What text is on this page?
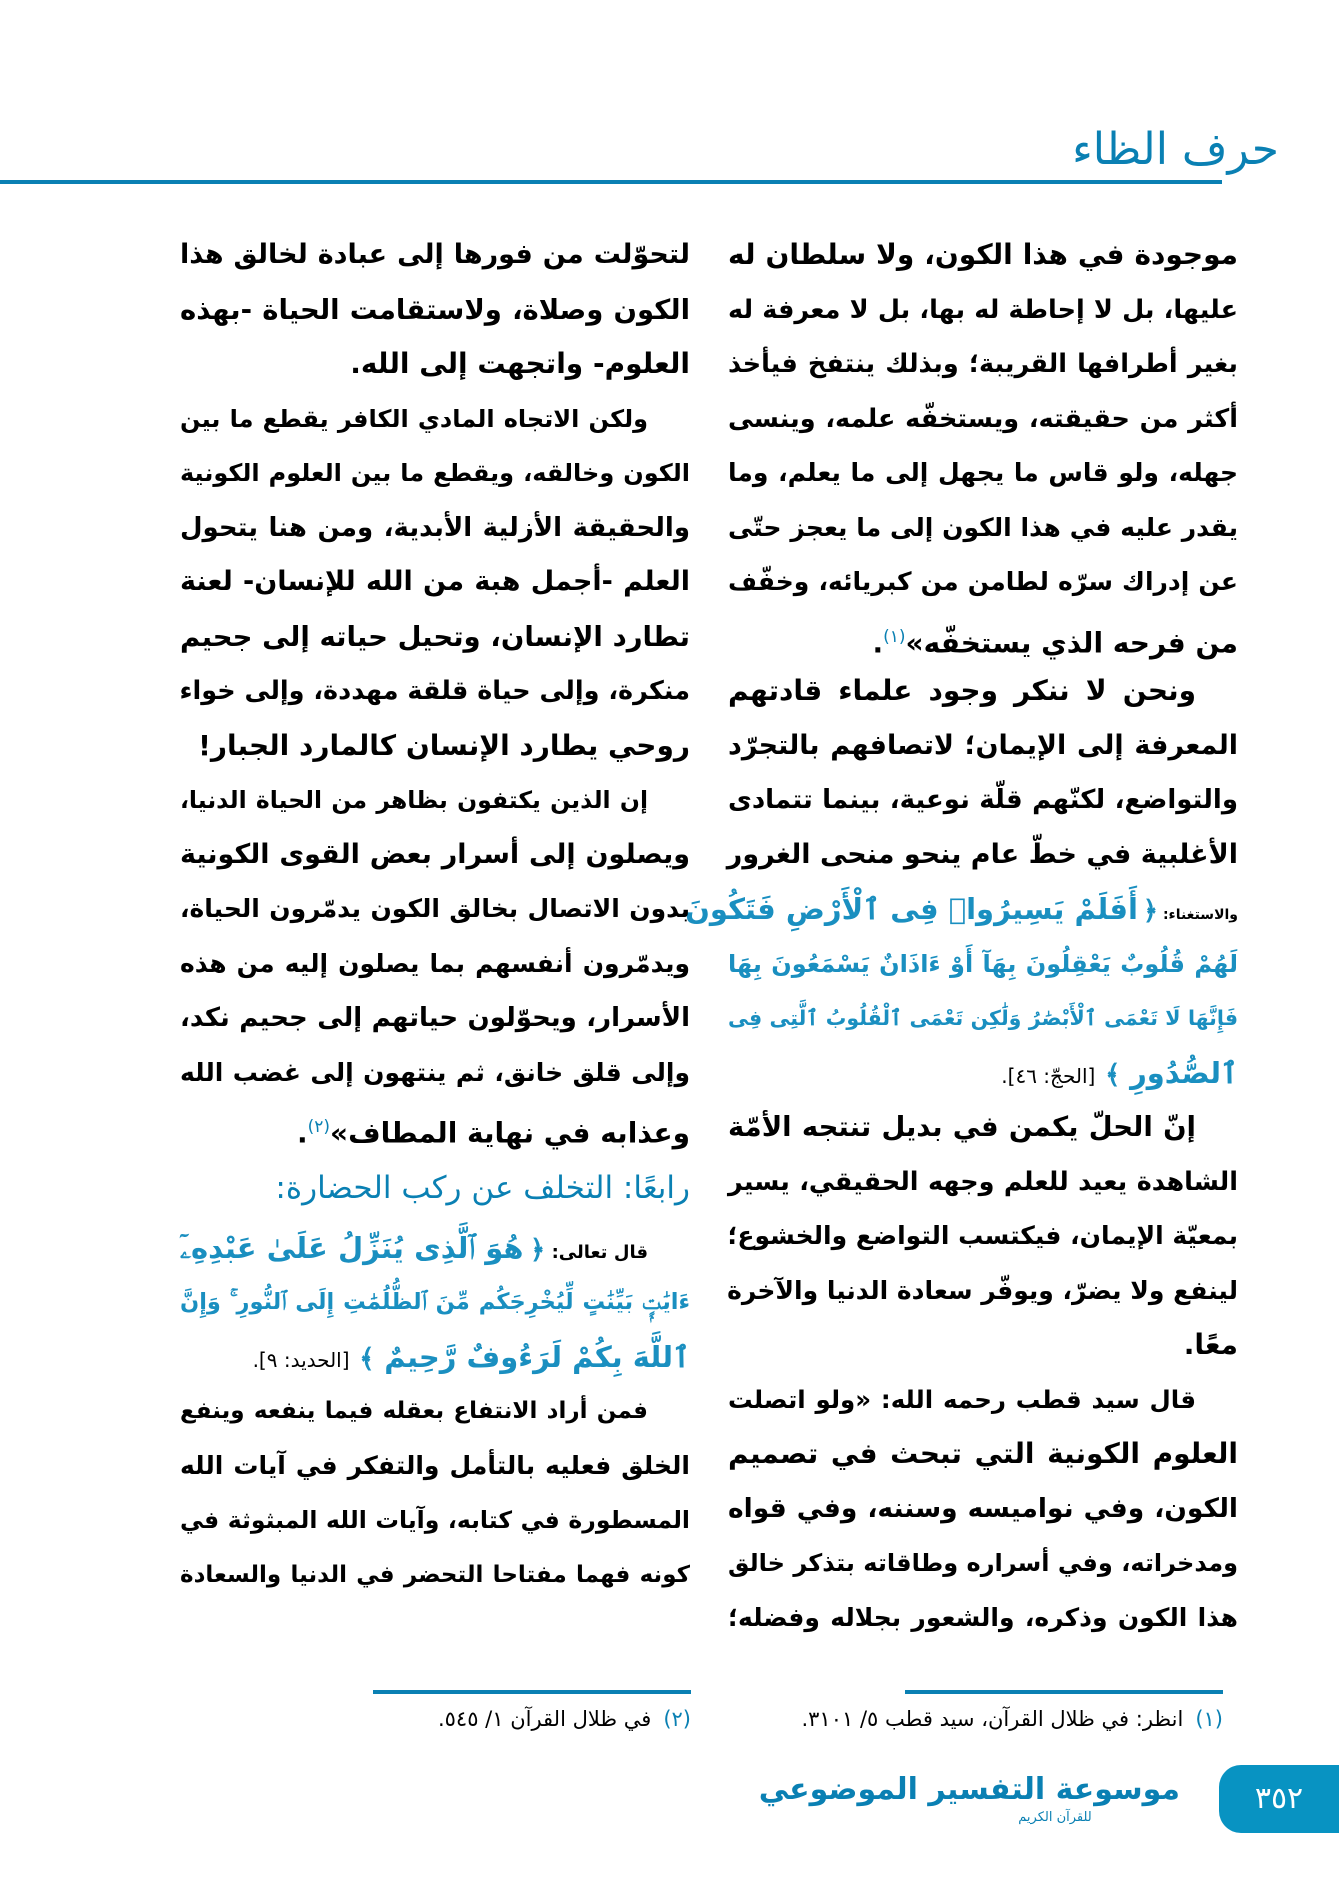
حرف الظاء
موجودة في هذا الكون، ولا سلطان له
عليها، بل لا إحاطة له بها، بل لا معرفة له
بغير أطرافها القريبة؛ وبذلك ينتفخ فيأخذ
أكثر من حقيقته، ويستخفّه علمه، وينسى
جهله، ولو قاس ما يجهل إلى ما يعلم، وما
يقدر عليه في هذا الكون إلى ما يعجز حتّى
عن إدراك سرّه لطامن من كبريائه، وخفّف
من فرحه الذي يستخفّه»$^{(١)}$.
ونحن لا ننكر وجود علماء قادتهم
المعرفة إلى الإيمان؛ لاتصافهم بالتجرّد
والتواضع، لكنّهم قلّة نوعية، بينما تتمادى
الأغلبية في خطّ عام ينحو منحى الغرور
والاستغناء: ﴿ أَفَلَمْ يَسِيرُوا۟ فِى ٱلْأَرْضِ فَتَكُونَ
لَهُمْ قُلُوبٌ يَعْقِلُونَ بِهَآ أَوْ ءَاذَانٌ يَسْمَعُونَ بِهَا
فَإِنَّهَا لَا تَعْمَى ٱلْأَبْصَٰرُ وَلَٰكِن تَعْمَى ٱلْقُلُوبُ ٱلَّتِى فِى
ٱلصُّدُورِ ﴾ [الحجّ: ٤٦].
إنّ الحلّ يكمن في بديل تنتجه الأمّة
الشاهدة يعيد للعلم وجهه الحقيقي، يسير
بمعيّة الإيمان، فيكتسب التواضع والخشوع؛
لينفع ولا يضرّ، ويوفّر سعادة الدنيا والآخرة
معًا.
قال سيد قطب رحمه الله: «ولو اتصلت
العلوم الكونية التي تبحث في تصميم
الكون، وفي نواميسه وسننه، وفي قواه
ومدخراته، وفي أسراره وطاقاته بتذكر خالق
هذا الكون وذكره، والشعور بجلاله وفضله؛
لتحوّلت من فورها إلى عبادة لخالق هذا
الكون وصلاة، ولاستقامت الحياة -بهذه
العلوم- واتجهت إلى الله.
ولكن الاتجاه المادي الكافر يقطع ما بين
الكون وخالقه، ويقطع ما بين العلوم الكونية
والحقيقة الأزلية الأبدية، ومن هنا يتحول
العلم -أجمل هبة من الله للإنسان- لعنة
تطارد الإنسان، وتحيل حياته إلى جحيم
منكرة، وإلى حياة قلقة مهددة، وإلى خواء
روحي يطارد الإنسان كالمارد الجبار!
إن الذين يكتفون بظاهر من الحياة الدنيا،
ويصلون إلى أسرار بعض القوى الكونية
بدون الاتصال بخالق الكون يدمّرون الحياة،
ويدمّرون أنفسهم بما يصلون إليه من هذه
الأسرار، ويحوّلون حياتهم إلى جحيم نكد،
وإلى قلق خانق، ثم ينتهون إلى غضب الله
وعذابه في نهاية المطاف»$^{(٢)}$.
رابعًا: التخلف عن ركب الحضارة:
قال تعالى: ﴿ هُوَ ٱلَّذِى يُنَزِّلُ عَلَىٰ عَبْدِهِۦٓ
ءَايَٰتٍۭ بَيِّنَٰتٍ لِّيُخْرِجَكُم مِّنَ ٱلظُّلُمَٰتِ إِلَى ٱلنُّورِ ۚ وَإِنَّ
ٱللَّهَ بِكُمْ لَرَءُوفٌ رَّحِيمٌ ﴾ [الحديد: ٩].
فمن أراد الانتفاع بعقله فيما ينفعه وينفع
الخلق فعليه بالتأمل والتفكر في آيات الله
المسطورة في كتابه، وآيات الله المبثوثة في
كونه فهما مفتاحا التحضر في الدنيا والسعادة
(١)انظر: في ظلال القرآن، سيد قطب ٥/ ٣١٠١.
(٢)في ظلال القرآن ١/ ٥٤٥.
موسوعة التفسير الموضوعي
للقرآن الكريم
٣٥٢
